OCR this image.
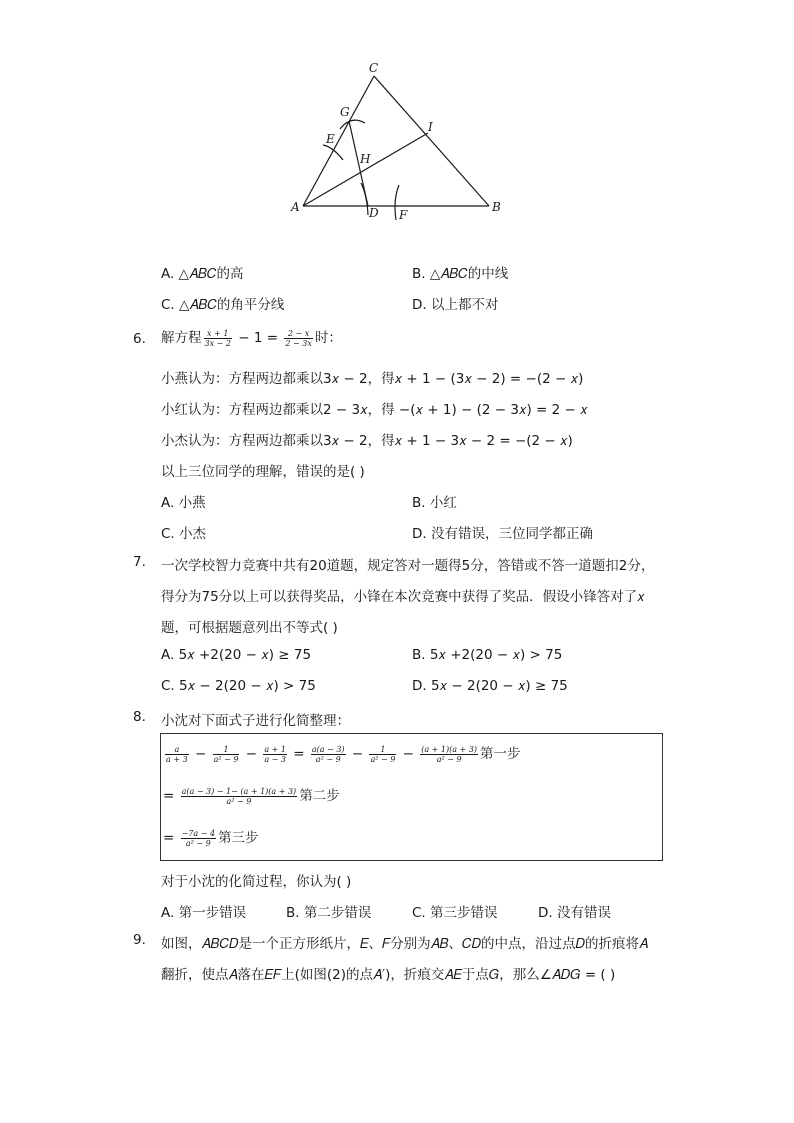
C
G
I
E
H
A	D F
B
A. △𝐴𝐵𝐶的高	B. △𝐴𝐵𝐶的中线
C. △𝐴𝐵𝐶的角平分线	D. 以上都不对
6. 解方程 $\frac{x + 1}{3x - 2} - 1 = \frac{2 - x}{2 - 3x}$ 时：
小燕认为：方程两边都乘以3𝑥 − 2，得𝑥 + 1 − (3𝑥 − 2) = −(2 − 𝑥)
小红认为：方程两边都乘以2 − 3𝑥，得 −(𝑥 + 1) − (2 − 3𝑥) = 2 − 𝑥
小杰认为：方程两边都乘以3𝑥 − 2，得𝑥 + 1 − 3𝑥 − 2 = −(2 − 𝑥)
以上三位同学的理解，错误的是( )
A. 小燕	B. 小红
C. 小杰	D. 没有错误，三位同学都正确
7. 一次学校智力竞赛中共有20道题，规定答对一题得5分，答错或不答一道题扣2分，
得分为75分以上可以获得奖品，小锋在本次竞赛中获得了奖品．假设小锋答对了𝑥
题，可根据题意列出不等式( )
A. 5𝑥 +2(20 − 𝑥) ≥ 75	B. 5𝑥 +2(20 − 𝑥) > 75
C. 5𝑥 − 2(20 − 𝑥) > 75	D. 5𝑥 − 2(20 − 𝑥) ≥ 75
8. 小沈对下面式子进行化简整理：
$\frac{a}{a + 3} - \frac{1}{\text{a² − 9}} - \frac{a + 1}{a - 3} = \frac{a(a - 3)}{\text{a² − 9}} - \frac{1}{\text{a² − 9}} - \frac{(a + 1)(a + 3)}{\text{a² − 9}}$ 第一步
= $\frac{a(a - 3) - 1- (a + 1)(a + 3)}{\text{a² − 9}}$ 第二步
= $\frac{-7a - 4}{\text{a² − 9}}$ 第三步
对于小沈的化简过程，你认为( )
A. 第一步错误	B. 第二步错误	C. 第三步错误	D. 没有错误
9. 如图，𝐴𝐵𝐶𝐷是一个正方形纸片，𝐸、𝐹分别为𝐴𝐵、𝐶𝐷的中点，沿过点𝐷的折痕将𝐴
翻折，使点𝐴落在𝐸𝐹上(如图(2)的点𝐴′)，折痕交𝐴𝐸于点𝐺，那么∠𝐴𝐷𝐺 = ( )
